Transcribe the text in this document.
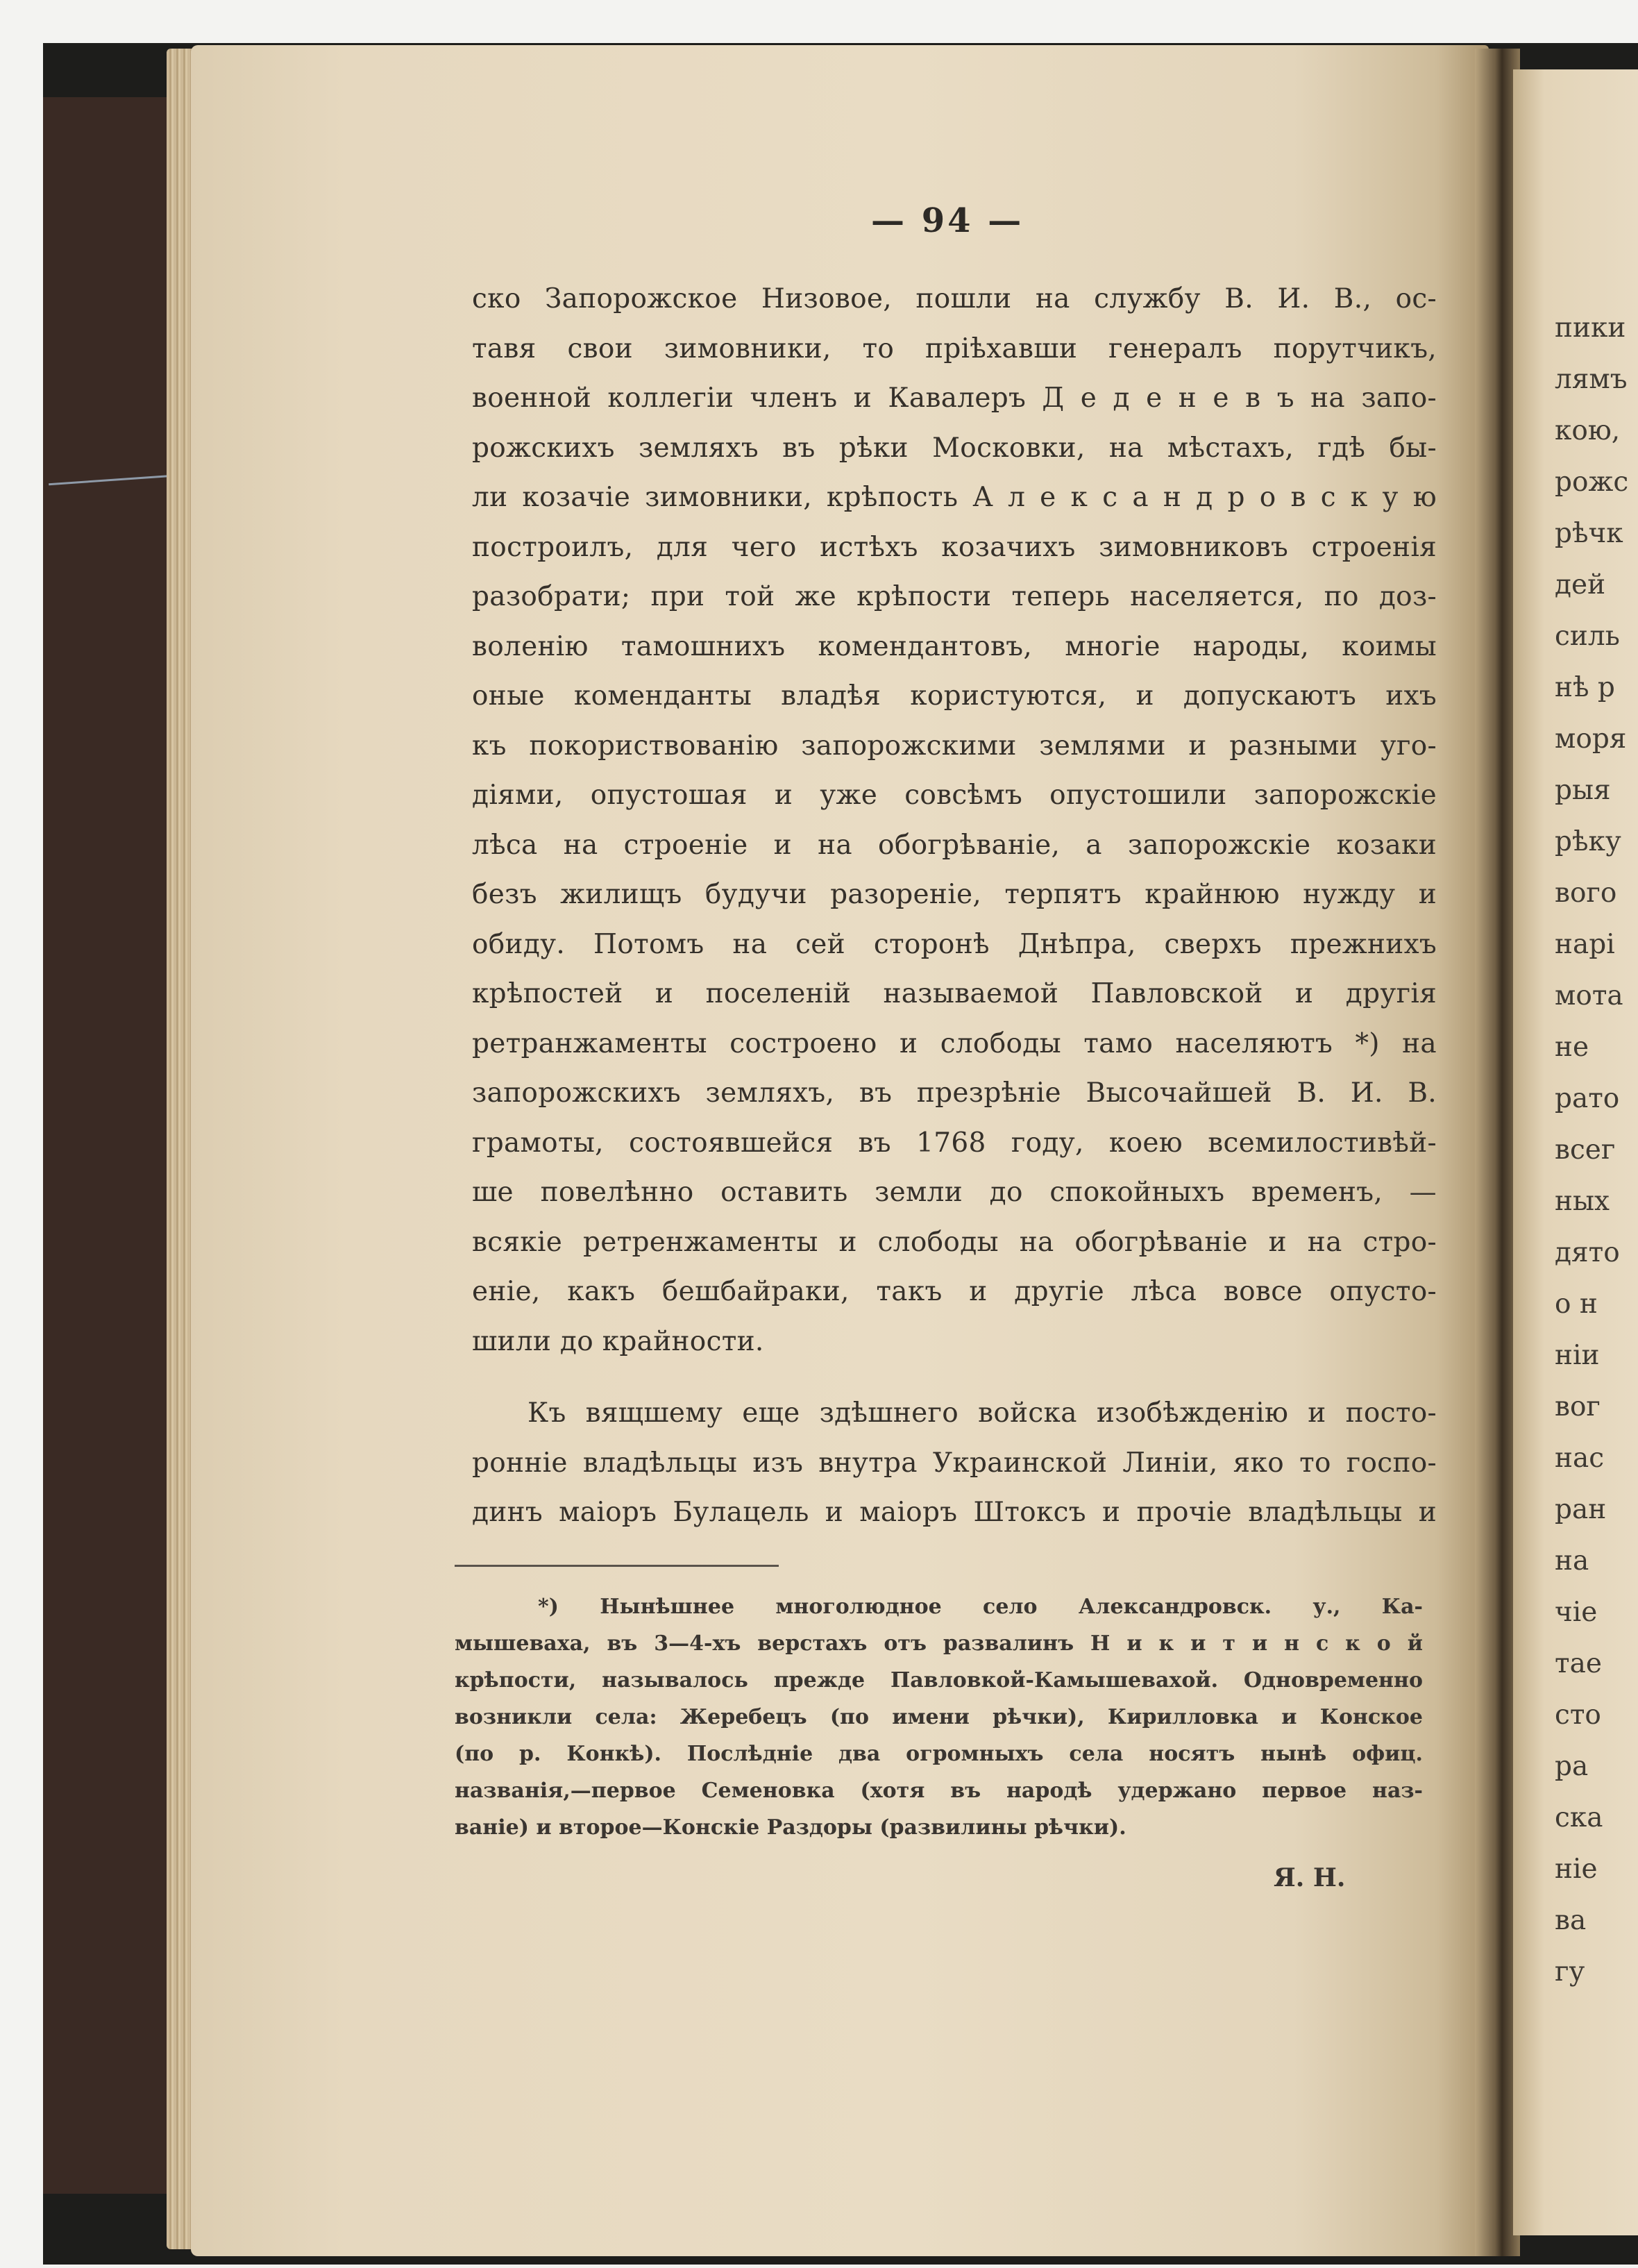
пики
лямъ
кою,
рожс
рѣчк
дей
силь
нѣ р
моря
рыя
рѣку
вого
нарі
мота
не
рато
всег
ных
дято
о н
ніи
вог
нас
ран
на
чіе
тае
сто
ра
ска
ніе
ва
гу
— 94 —
ско Запорожское Низовое, пошли на службу В. И. В., ос-
тавя свои зимовники, то пріѣхавши генералъ порутчикъ,
военной коллегіи членъ и Кавалеръ Д е д е н е в ъ на запо-
рожскихъ земляхъ въ рѣки Московки, на мѣстахъ, гдѣ бы-
ли козачіе зимовники, крѣпость А л е к с а н д р о в с к у ю
построилъ, для чего истѣхъ козачихъ зимовниковъ строенія
разобрати; при той же крѣпости теперь населяется, по доз-
воленію тамошнихъ комендантовъ, многіе народы, коимы
оные коменданты владѣя користуются, и допускаютъ ихъ
къ покориствованію запорожскими землями и разными уго-
діями, опустошая и уже совсѣмъ опустошили запорожскіе
лѣса на строеніе и на обогрѣваніе, а запорожскіе козаки
безъ жилищъ будучи разореніе, терпятъ крайнюю нужду и
обиду. Потомъ на сей сторонѣ Днѣпра, сверхъ прежнихъ
крѣпостей и поселеній называемой Павловской и другія
ретранжаменты состроено и слободы тамо населяютъ *) на
запорожскихъ земляхъ, въ презрѣніе Высочайшей В. И. В.
грамоты, состоявшейся въ 1768 году, коею всемилостивѣй-
ше повелѣнно оставить земли до спокойныхъ временъ, —
всякіе ретренжаменты и слободы на обогрѣваніе и на стро-
еніе, какъ бешбайраки, такъ и другіе лѣса вовсе опусто-
шили до крайности.
Къ вящшему еще здѣшнего войска изобѣжденію и посто-
ронніе владѣльцы изъ внутра Украинской Линіи, яко то госпо-
динъ маіоръ Булацель и маіоръ Штоксъ и прочіе владѣльцы и
*) Нынѣшнее многолюдное село Александровск. у., Ка-
мышеваха, въ 3—4-хъ верстахъ отъ развалинъ Н и к и т и н с к о й
крѣпости, называлось прежде Павловкой-Камышевахой. Одновременно
возникли села: Жеребецъ (по имени рѣчки), Кирилловка и Конское
(по р. Конкѣ). Послѣдніе два огромныхъ села носятъ нынѣ офиц.
названія,—первое Семеновка (хотя въ народѣ удержано первое наз-
ваніе) и второе—Конскіе Раздоры (развилины рѣчки).
Я. Н.
